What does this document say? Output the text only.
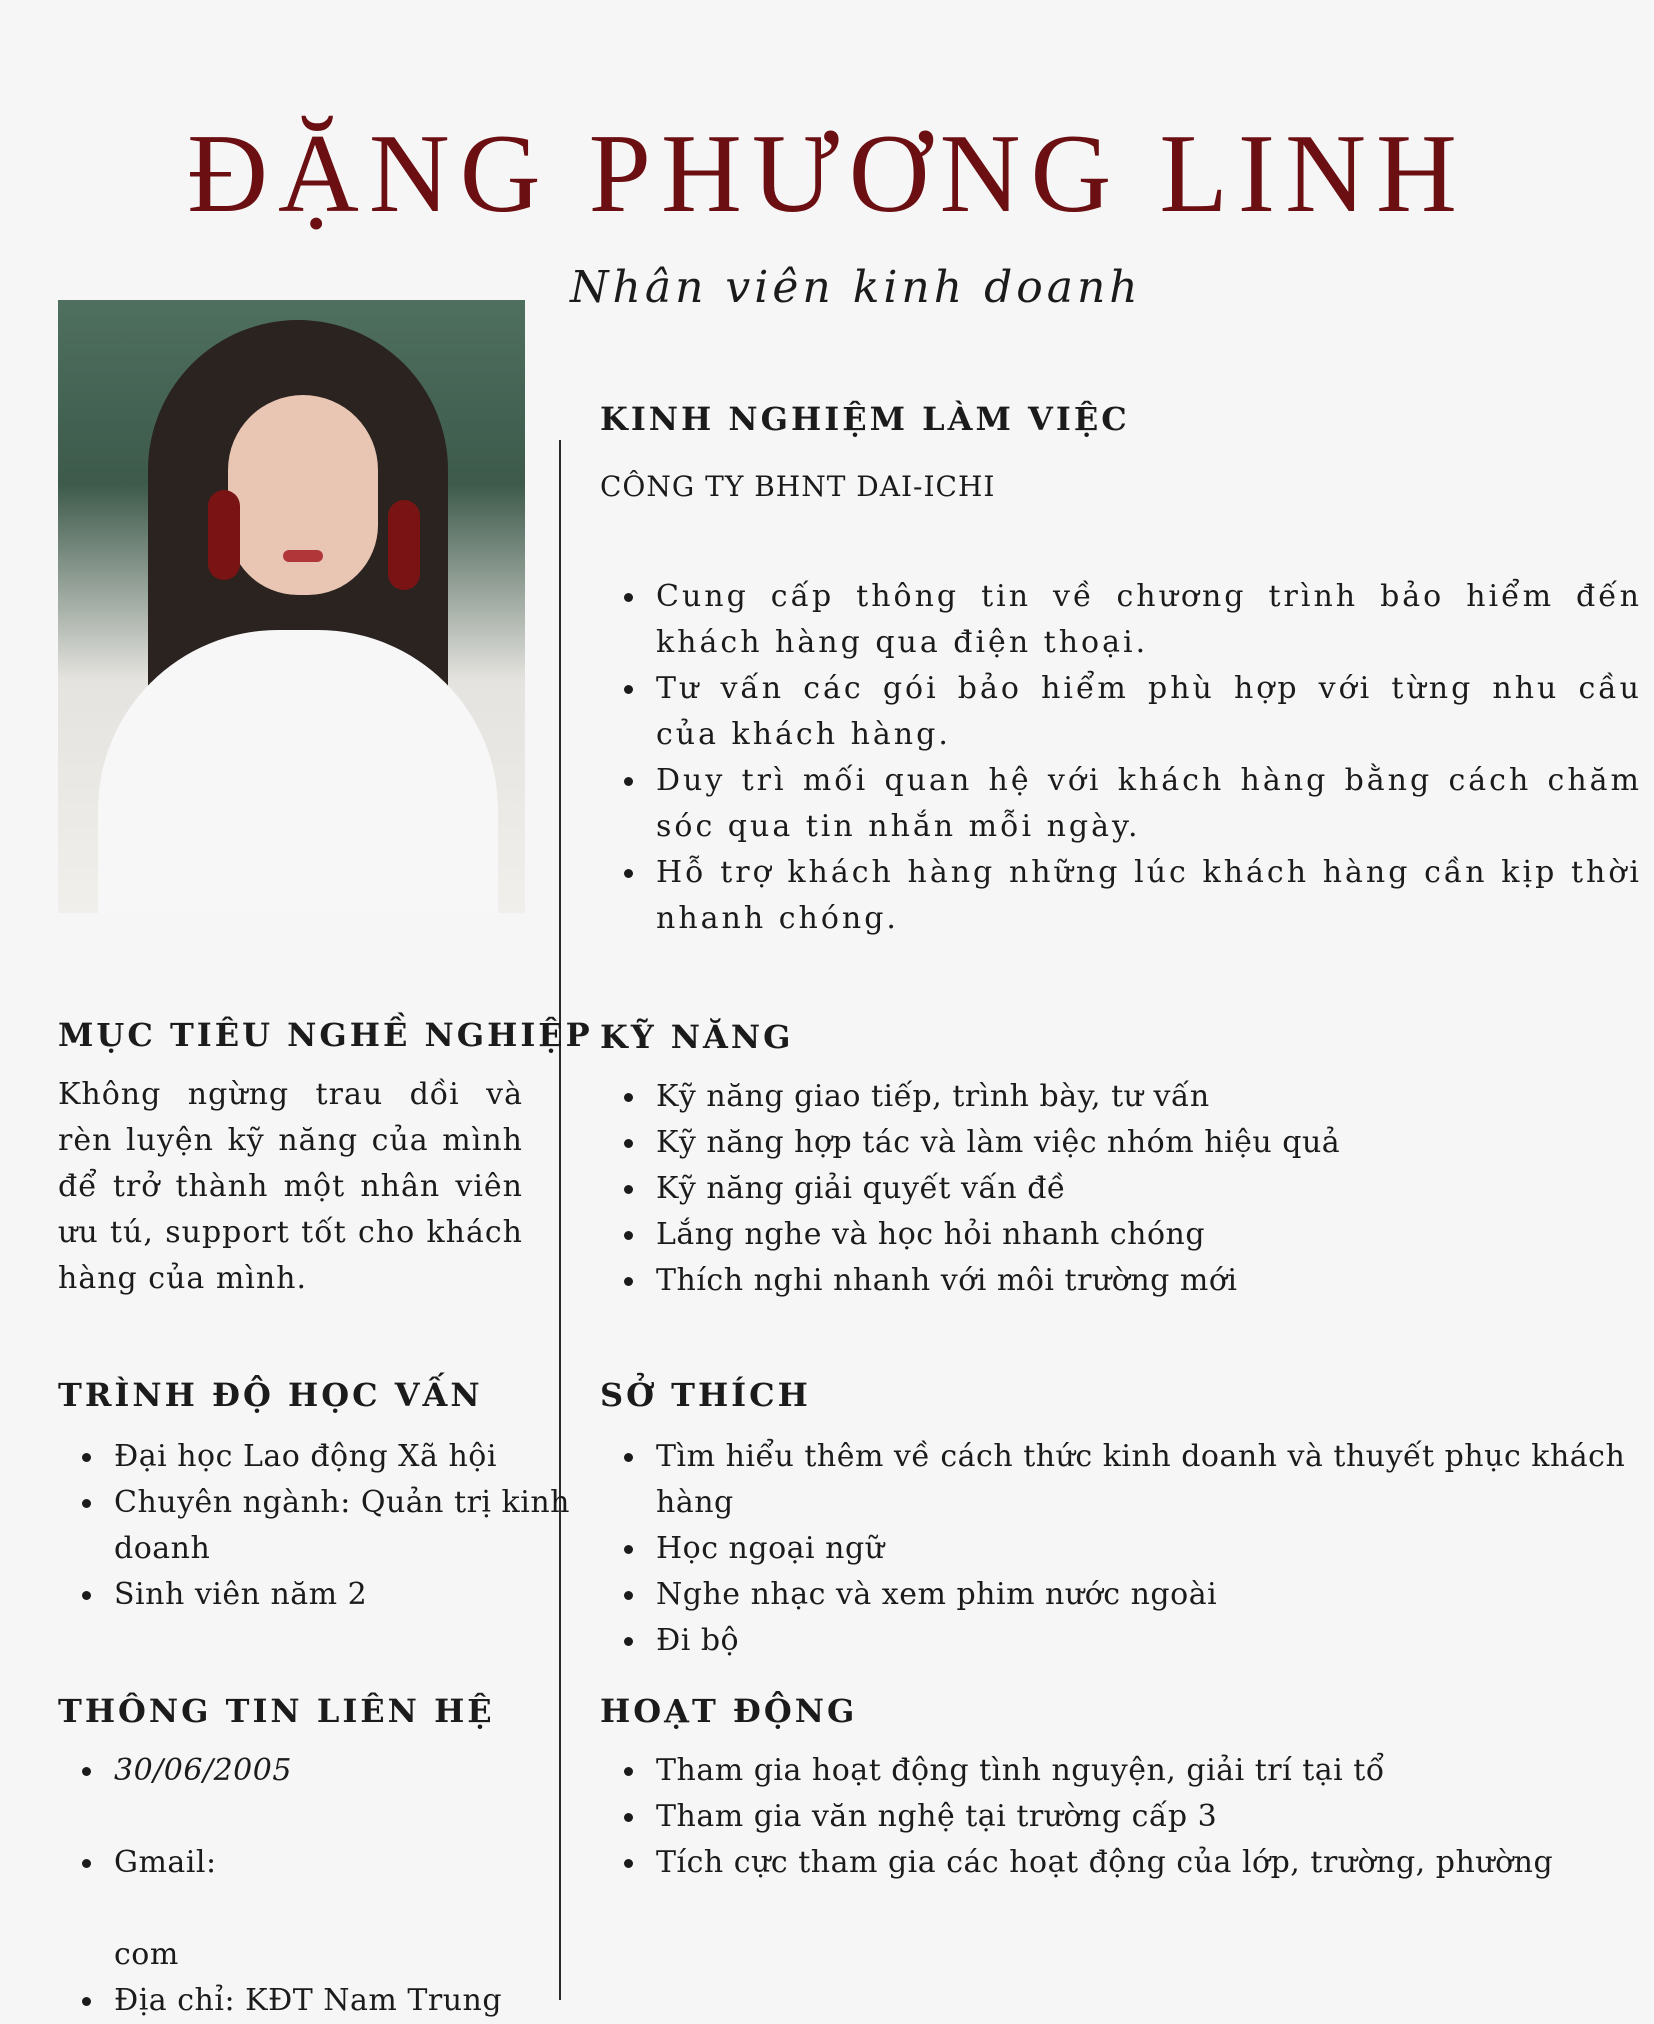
ĐẶNG PHƯƠNG LINH
Nhân viên kinh doanh
KINH NGHIỆM LÀM VIỆC
CÔNG TY BHNT DAI-ICHI
Cung cấp thông tin về chương trình bảo hiểm đến khách hàng qua điện thoại.
Tư vấn các gói bảo hiểm phù hợp với từng nhu cầu của khách hàng.
Duy trì mối quan hệ với khách hàng bằng cách chăm sóc qua tin nhắn mỗi ngày.
Hỗ trợ khách hàng những lúc khách hàng cần kịp thời nhanh chóng.
MỤC TIÊU NGHỀ NGHIỆP

Không ngừng trau dồi và rèn luyện kỹ năng của mình để trở thành một nhân viên ưu tú, support tốt cho khách hàng của mình.

KỸ NĂNG
Kỹ năng giao tiếp, trình bày, tư vấn
Kỹ năng hợp tác và làm việc nhóm hiệu quả
Kỹ năng giải quyết vấn đề
Lắng nghe và học hỏi nhanh chóng
Thích nghi nhanh với môi trường mới
TRÌNH ĐỘ HỌC VẤN
Đại học Lao động Xã hội
Chuyên ngành: Quản trị kinh doanh
Sinh viên năm 2
SỞ THÍCH
Tìm hiểu thêm về cách thức kinh doanh và thuyết phục khách hàng
Học ngoại ngữ
Nghe nhạc và xem phim nước ngoài
Đi bộ
THÔNG TIN LIÊN HỆ
30/06/2005
Gmail:
com
Địa chỉ: KĐT Nam Trung
HOẠT ĐỘNG
Tham gia hoạt động tình nguyện, giải trí tại tổ
Tham gia văn nghệ tại trường cấp 3
Tích cực tham gia các hoạt động của lớp, trường, phường
